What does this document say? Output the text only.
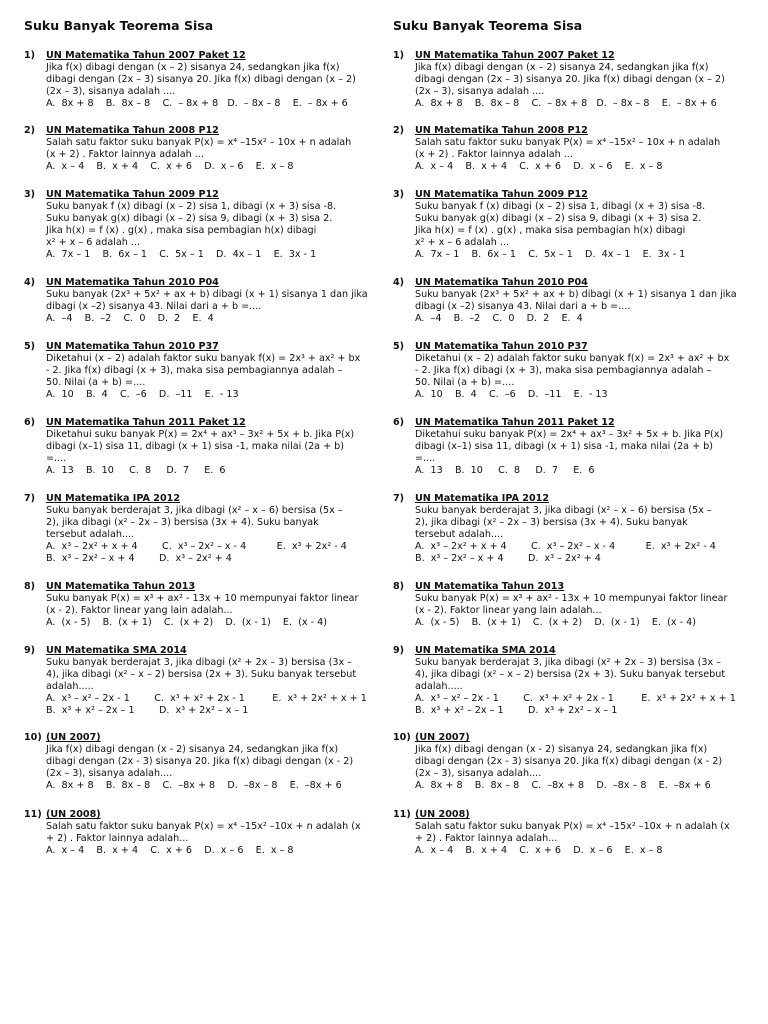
Suku Banyak Teorema Sisa
1)	UN Matematika Tahun 2007 Paket 12
Jika f(x) dibagi dengan (x – 2) sisanya 24, sedangkan jika f(x)
dibagi dengan (2x – 3) sisanya 20. Jika f(x) dibagi dengan (x – 2)
(2x – 3), sisanya adalah ....
A.  8x + 8    B.  8x – 8    C.  – 8x + 8   D.  – 8x – 8    E.  – 8x + 6
2)	UN Matematika Tahun 2008 P12
Salah satu faktor suku banyak P(x) = x⁴ –15x² – 10x + n adalah
(x + 2) . Faktor lainnya adalah ...
A.  x – 4    B.  x + 4    C.  x + 6    D.  x – 6    E.  x – 8
3)	UN Matematika Tahun 2009 P12
Suku banyak f (x) dibagi (x – 2) sisa 1, dibagi (x + 3) sisa -8.
Suku banyak g(x) dibagi (x – 2) sisa 9, dibagi (x + 3) sisa 2.
Jika h(x) = f (x) . g(x) , maka sisa pembagian h(x) dibagi
x² + x – 6 adalah ...
A.  7x – 1    B.  6x – 1    C.  5x – 1    D.  4x – 1    E.  3x - 1
4)	UN Matematika Tahun 2010 P04
Suku banyak (2x³ + 5x² + ax + b) dibagi (x + 1) sisanya 1 dan jika
dibagi (x –2) sisanya 43. Nilai dari a + b =....
A.  –4    B.  –2    C.  0    D.  2    E.  4
5)	UN Matematika Tahun 2010 P37
Diketahui (x – 2) adalah faktor suku banyak f(x) = 2x³ + ax² + bx
- 2. Jika f(x) dibagi (x + 3), maka sisa pembagiannya adalah –
50. Nilai (a + b) =....
A.  10    B.  4    C.  –6    D.  –11    E.  - 13
6)	UN Matematika Tahun 2011 Paket 12
Diketahui suku banyak P(x) = 2x⁴ + ax³ – 3x² + 5x + b. Jika P(x)
dibagi (x–1) sisa 11, dibagi (x + 1) sisa -1, maka nilai (2a + b)
=....
A.  13    B.  10     C.  8     D.  7     E.  6
7)	UN Matematika IPA 2012
Suku banyak berderajat 3, jika dibagi (x² – x – 6) bersisa (5x –
2), jika dibagi (x² – 2x – 3) bersisa (3x + 4). Suku banyak
tersebut adalah....
A.  x³ – 2x² + x + 4        C.  x³ – 2x² – x - 4          E.  x³ + 2x² - 4
B.  x³ – 2x² – x + 4        D.  x³ – 2x² + 4
8)	UN Matematika Tahun 2013
Suku banyak P(x) = x³ + ax² - 13x + 10 mempunyai faktor linear
(x - 2). Faktor linear yang lain adalah...
A.  (x - 5)    B.  (x + 1)    C.  (x + 2)    D.  (x - 1)    E.  (x - 4)
9)	UN Matematika SMA 2014
Suku banyak berderajat 3, jika dibagi (x² + 2x – 3) bersisa (3x –
4), jika dibagi (x² – x – 2) bersisa (2x + 3). Suku banyak tersebut
adalah.....
A.  x³ – x² – 2x - 1        C.  x³ + x² + 2x - 1         E.  x³ + 2x² + x + 1
B.  x³ + x² – 2x – 1        D.  x³ + 2x² – x – 1
10) (UN 2007)
Jika f(x) dibagi dengan (x - 2) sisanya 24, sedangkan jika f(x)
dibagi dengan (2x - 3) sisanya 20. Jika f(x) dibagi dengan (x - 2)
(2x – 3), sisanya adalah....
A.  8x + 8    B.  8x – 8    C.  –8x + 8    D.  –8x – 8    E.  –8x + 6
11) (UN 2008)
Salah satu faktor suku banyak P(x) = x⁴ –15x² –10x + n adalah (x
+ 2) . Faktor lainnya adalah...
A.  x – 4    B.  x + 4    C.  x + 6    D.  x – 6    E.  x – 8
Suku Banyak Teorema Sisa
1)	UN Matematika Tahun 2007 Paket 12
Jika f(x) dibagi dengan (x – 2) sisanya 24, sedangkan jika f(x)
dibagi dengan (2x – 3) sisanya 20. Jika f(x) dibagi dengan (x – 2)
(2x – 3), sisanya adalah ....
A.  8x + 8    B.  8x – 8    C.  – 8x + 8   D.  – 8x – 8    E.  – 8x + 6
2)	UN Matematika Tahun 2008 P12
Salah satu faktor suku banyak P(x) = x⁴ –15x² – 10x + n adalah
(x + 2) . Faktor lainnya adalah ...
A.  x – 4    B.  x + 4    C.  x + 6    D.  x – 6    E.  x – 8
3)	UN Matematika Tahun 2009 P12
Suku banyak f (x) dibagi (x – 2) sisa 1, dibagi (x + 3) sisa -8.
Suku banyak g(x) dibagi (x – 2) sisa 9, dibagi (x + 3) sisa 2.
Jika h(x) = f (x) . g(x) , maka sisa pembagian h(x) dibagi
x² + x – 6 adalah ...
A.  7x – 1    B.  6x – 1    C.  5x – 1    D.  4x – 1    E.  3x - 1
4)	UN Matematika Tahun 2010 P04
Suku banyak (2x³ + 5x² + ax + b) dibagi (x + 1) sisanya 1 dan jika
dibagi (x –2) sisanya 43. Nilai dari a + b =....
A.  –4    B.  –2    C.  0    D.  2    E.  4
5)	UN Matematika Tahun 2010 P37
Diketahui (x – 2) adalah faktor suku banyak f(x) = 2x³ + ax² + bx
- 2. Jika f(x) dibagi (x + 3), maka sisa pembagiannya adalah –
50. Nilai (a + b) =....
A.  10    B.  4    C.  –6    D.  –11    E.  - 13
6)	UN Matematika Tahun 2011 Paket 12
Diketahui suku banyak P(x) = 2x⁴ + ax³ – 3x² + 5x + b. Jika P(x)
dibagi (x–1) sisa 11, dibagi (x + 1) sisa -1, maka nilai (2a + b)
=....
A.  13    B.  10     C.  8     D.  7     E.  6
7)	UN Matematika IPA 2012
Suku banyak berderajat 3, jika dibagi (x² – x – 6) bersisa (5x –
2), jika dibagi (x² – 2x – 3) bersisa (3x + 4). Suku banyak
tersebut adalah....
A.  x³ – 2x² + x + 4        C.  x³ – 2x² – x - 4          E.  x³ + 2x² - 4
B.  x³ – 2x² – x + 4        D.  x³ – 2x² + 4
8)	UN Matematika Tahun 2013
Suku banyak P(x) = x³ + ax² - 13x + 10 mempunyai faktor linear
(x - 2). Faktor linear yang lain adalah...
A.  (x - 5)    B.  (x + 1)    C.  (x + 2)    D.  (x - 1)    E.  (x - 4)
9)	UN Matematika SMA 2014
Suku banyak berderajat 3, jika dibagi (x² + 2x – 3) bersisa (3x –
4), jika dibagi (x² – x – 2) bersisa (2x + 3). Suku banyak tersebut
adalah.....
A.  x³ – x² – 2x - 1        C.  x³ + x² + 2x - 1         E.  x³ + 2x² + x + 1
B.  x³ + x² – 2x – 1        D.  x³ + 2x² – x – 1
10) (UN 2007)
Jika f(x) dibagi dengan (x - 2) sisanya 24, sedangkan jika f(x)
dibagi dengan (2x - 3) sisanya 20. Jika f(x) dibagi dengan (x - 2)
(2x – 3), sisanya adalah....
A.  8x + 8    B.  8x – 8    C.  –8x + 8    D.  –8x – 8    E.  –8x + 6
11) (UN 2008)
Salah satu faktor suku banyak P(x) = x⁴ –15x² –10x + n adalah (x
+ 2) . Faktor lainnya adalah...
A.  x – 4    B.  x + 4    C.  x + 6    D.  x – 6    E.  x – 8
